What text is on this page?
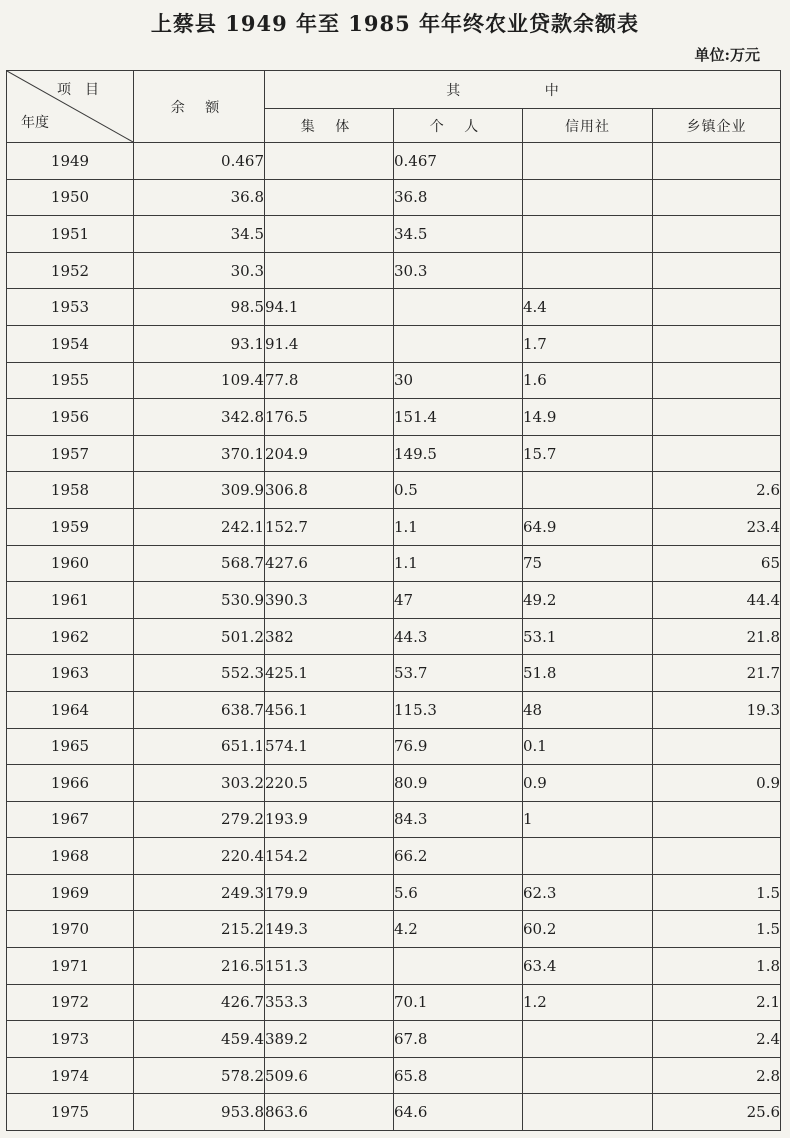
上蔡县 1949 年至 1985 年年终农业贷款余额表
单位:万元
项目
年度	余 额	其 中			
		集 体	个 人	信用社	乡镇企业
1949	0.467		0.467		
1950	36.8		36.8		
1951	34.5		34.5		
1952	30.3		30.3		
1953	98.5	94.1		4.4	
1954	93.1	91.4		1.7	
1955	109.4	77.8	30	1.6	
1956	342.8	176.5	151.4	14.9	
1957	370.1	204.9	149.5	15.7	
1958	309.9	306.8	0.5		2.6
1959	242.1	152.7	1.1	64.9	23.4
1960	568.7	427.6	1.1	75	65
1961	530.9	390.3	47	49.2	44.4
1962	501.2	382	44.3	53.1	21.8
1963	552.3	425.1	53.7	51.8	21.7
1964	638.7	456.1	115.3	48	19.3
1965	651.1	574.1	76.9	0.1	
1966	303.2	220.5	80.9	0.9	0.9
1967	279.2	193.9	84.3	1	
1968	220.4	154.2	66.2		
1969	249.3	179.9	5.6	62.3	1.5
1970	215.2	149.3	4.2	60.2	1.5
1971	216.5	151.3		63.4	1.8
1972	426.7	353.3	70.1	1.2	2.1
1973	459.4	389.2	67.8		2.4
1974	578.2	509.6	65.8		2.8
1975	953.8	863.6	64.6		25.6
